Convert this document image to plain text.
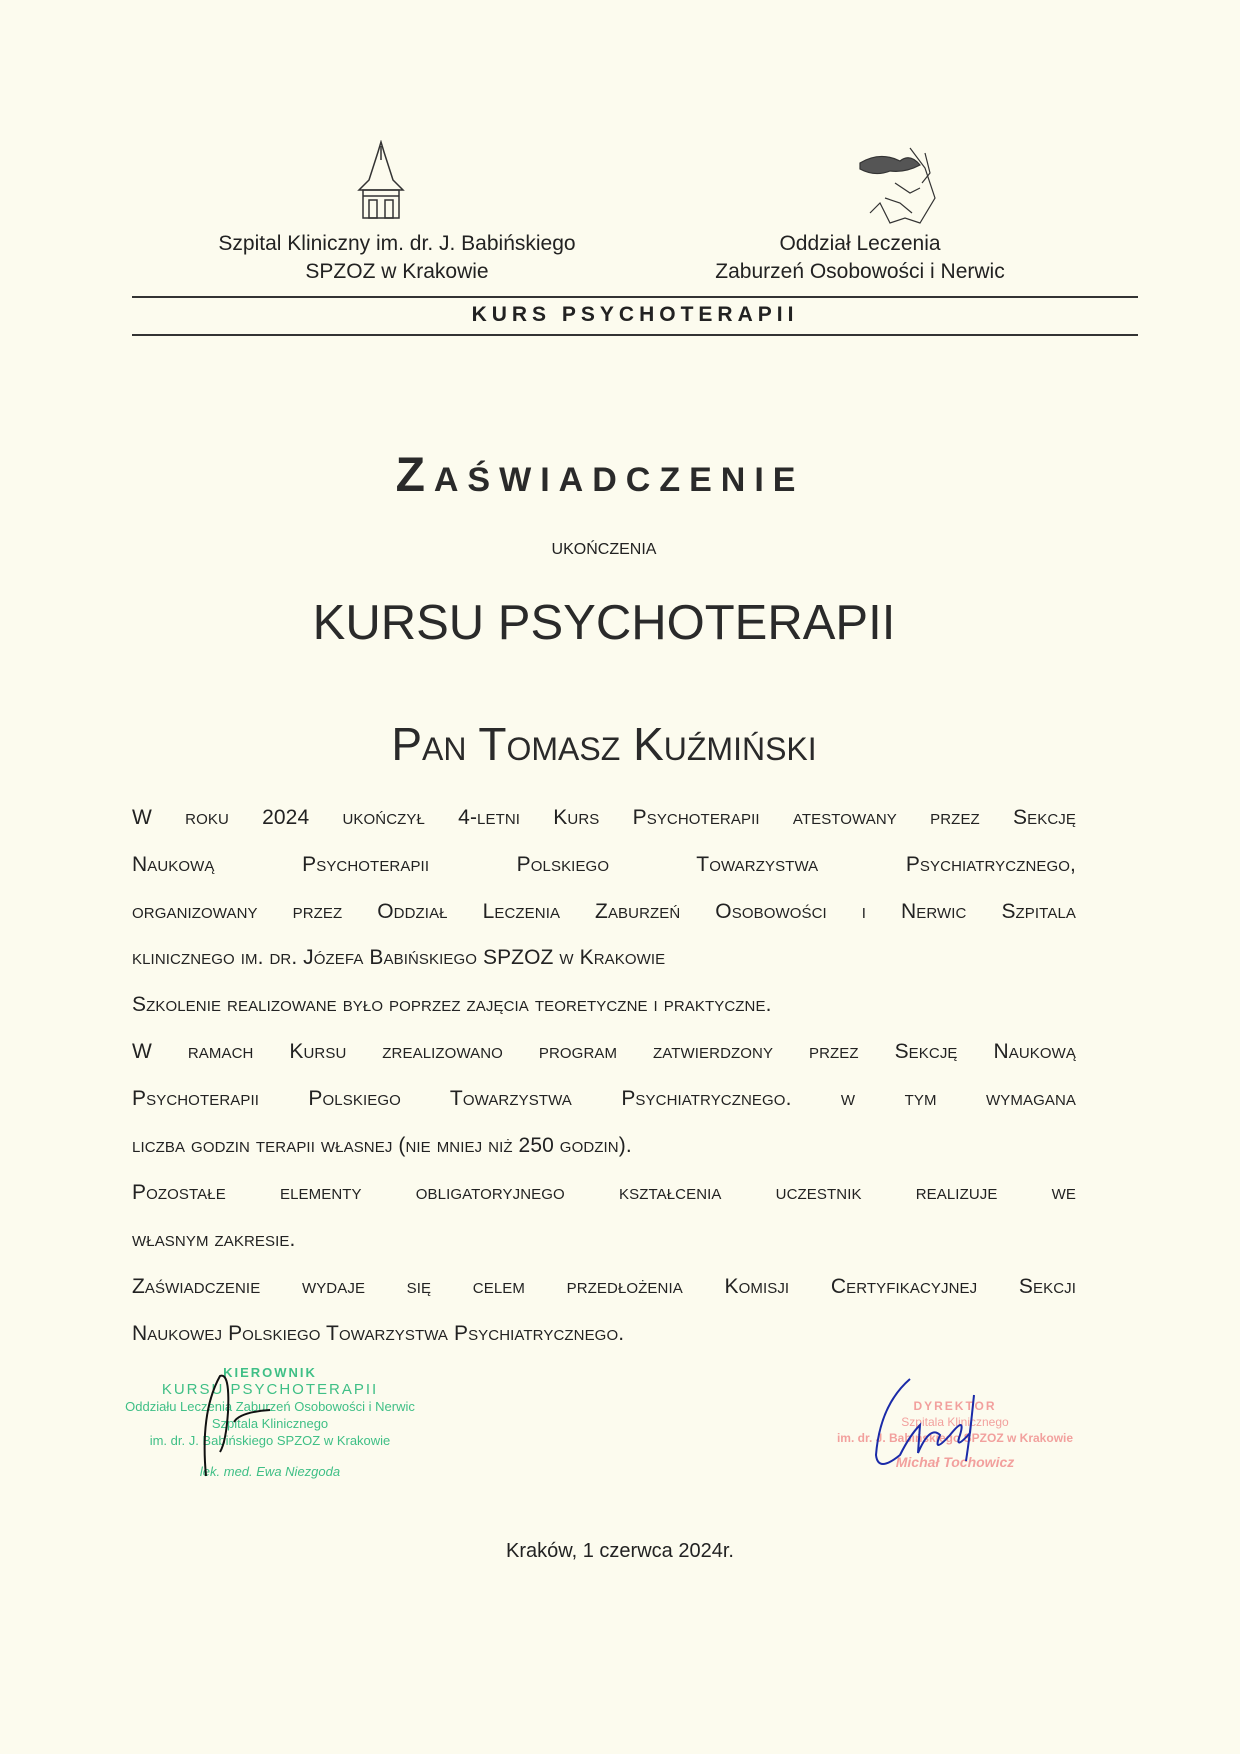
Szpital Kliniczny im. dr. J. Babińskiego
SPZOZ w Krakowie
Oddział Leczenia
Zaburzeń Osobowości i Nerwic
KURS PSYCHOTERAPII
Zaświadczenie
UKOŃCZENIA
KURSU PSYCHOTERAPII
Pan Tomasz Kuźmiński
W roku 2024 ukończył 4-letni Kurs Psychoterapii atestowany przez Sekcję
Naukową Psychoterapii Polskiego Towarzystwa Psychiatrycznego,
organizowany przez Oddział Leczenia Zaburzeń Osobowości i Nerwic Szpitala
klinicznego im. dr. Józefa Babińskiego SPZOZ w Krakowie
Szkolenie realizowane było poprzez zajęcia teoretyczne i praktyczne.
W ramach Kursu zrealizowano program zatwierdzony przez Sekcję Naukową
Psychoterapii Polskiego Towarzystwa Psychiatrycznego. w tym wymagana
liczba godzin terapii własnej (nie mniej niż 250 godzin).
Pozostałe elementy obligatoryjnego kształcenia uczestnik realizuje we
własnym zakresie.
Zaświadczenie wydaje się celem przedłożenia Komisji Certyfikacyjnej Sekcji
Naukowej Polskiego Towarzystwa Psychiatrycznego.
KIEROWNIK
KURSU PSYCHOTERAPII
Oddziału Leczenia Zaburzeń Osobowości i Nerwic
Szpitala Klinicznego
im. dr. J. Babińskiego SPZOZ w Krakowie
lek. med. Ewa Niezgoda
DYREKTOR
Szpitala Klinicznego
im. dr. J. Babińskiego SPZOZ w Krakowie
Michał Tochowicz
Kraków, 1 czerwca 2024r.
